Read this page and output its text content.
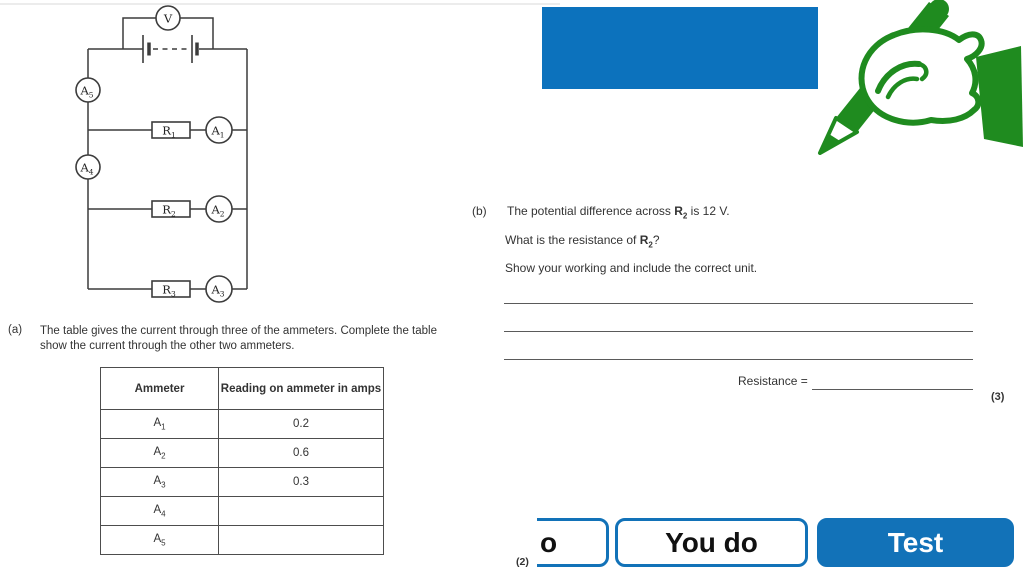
V
$R_1$
$R_2$
$R_3$
$A_1$
$A_2$
$A_3$
$A_4$
$A_5$
(a) The table gives the current through three of the ammeters. Complete the table
show the current through the other two ammeters.
Ammeter	Reading on ammeter in amps
$A_1$	0.2
$A_2$	0.6
$A_3$	0.3
$A_4$	
$A_5$	
(2)
(b) The potential difference across $R_2$ is 12 V.
What is the resistance of $R_2$?
Show your working and include the correct unit.
Resistance =
(3)
o	You do	Test
